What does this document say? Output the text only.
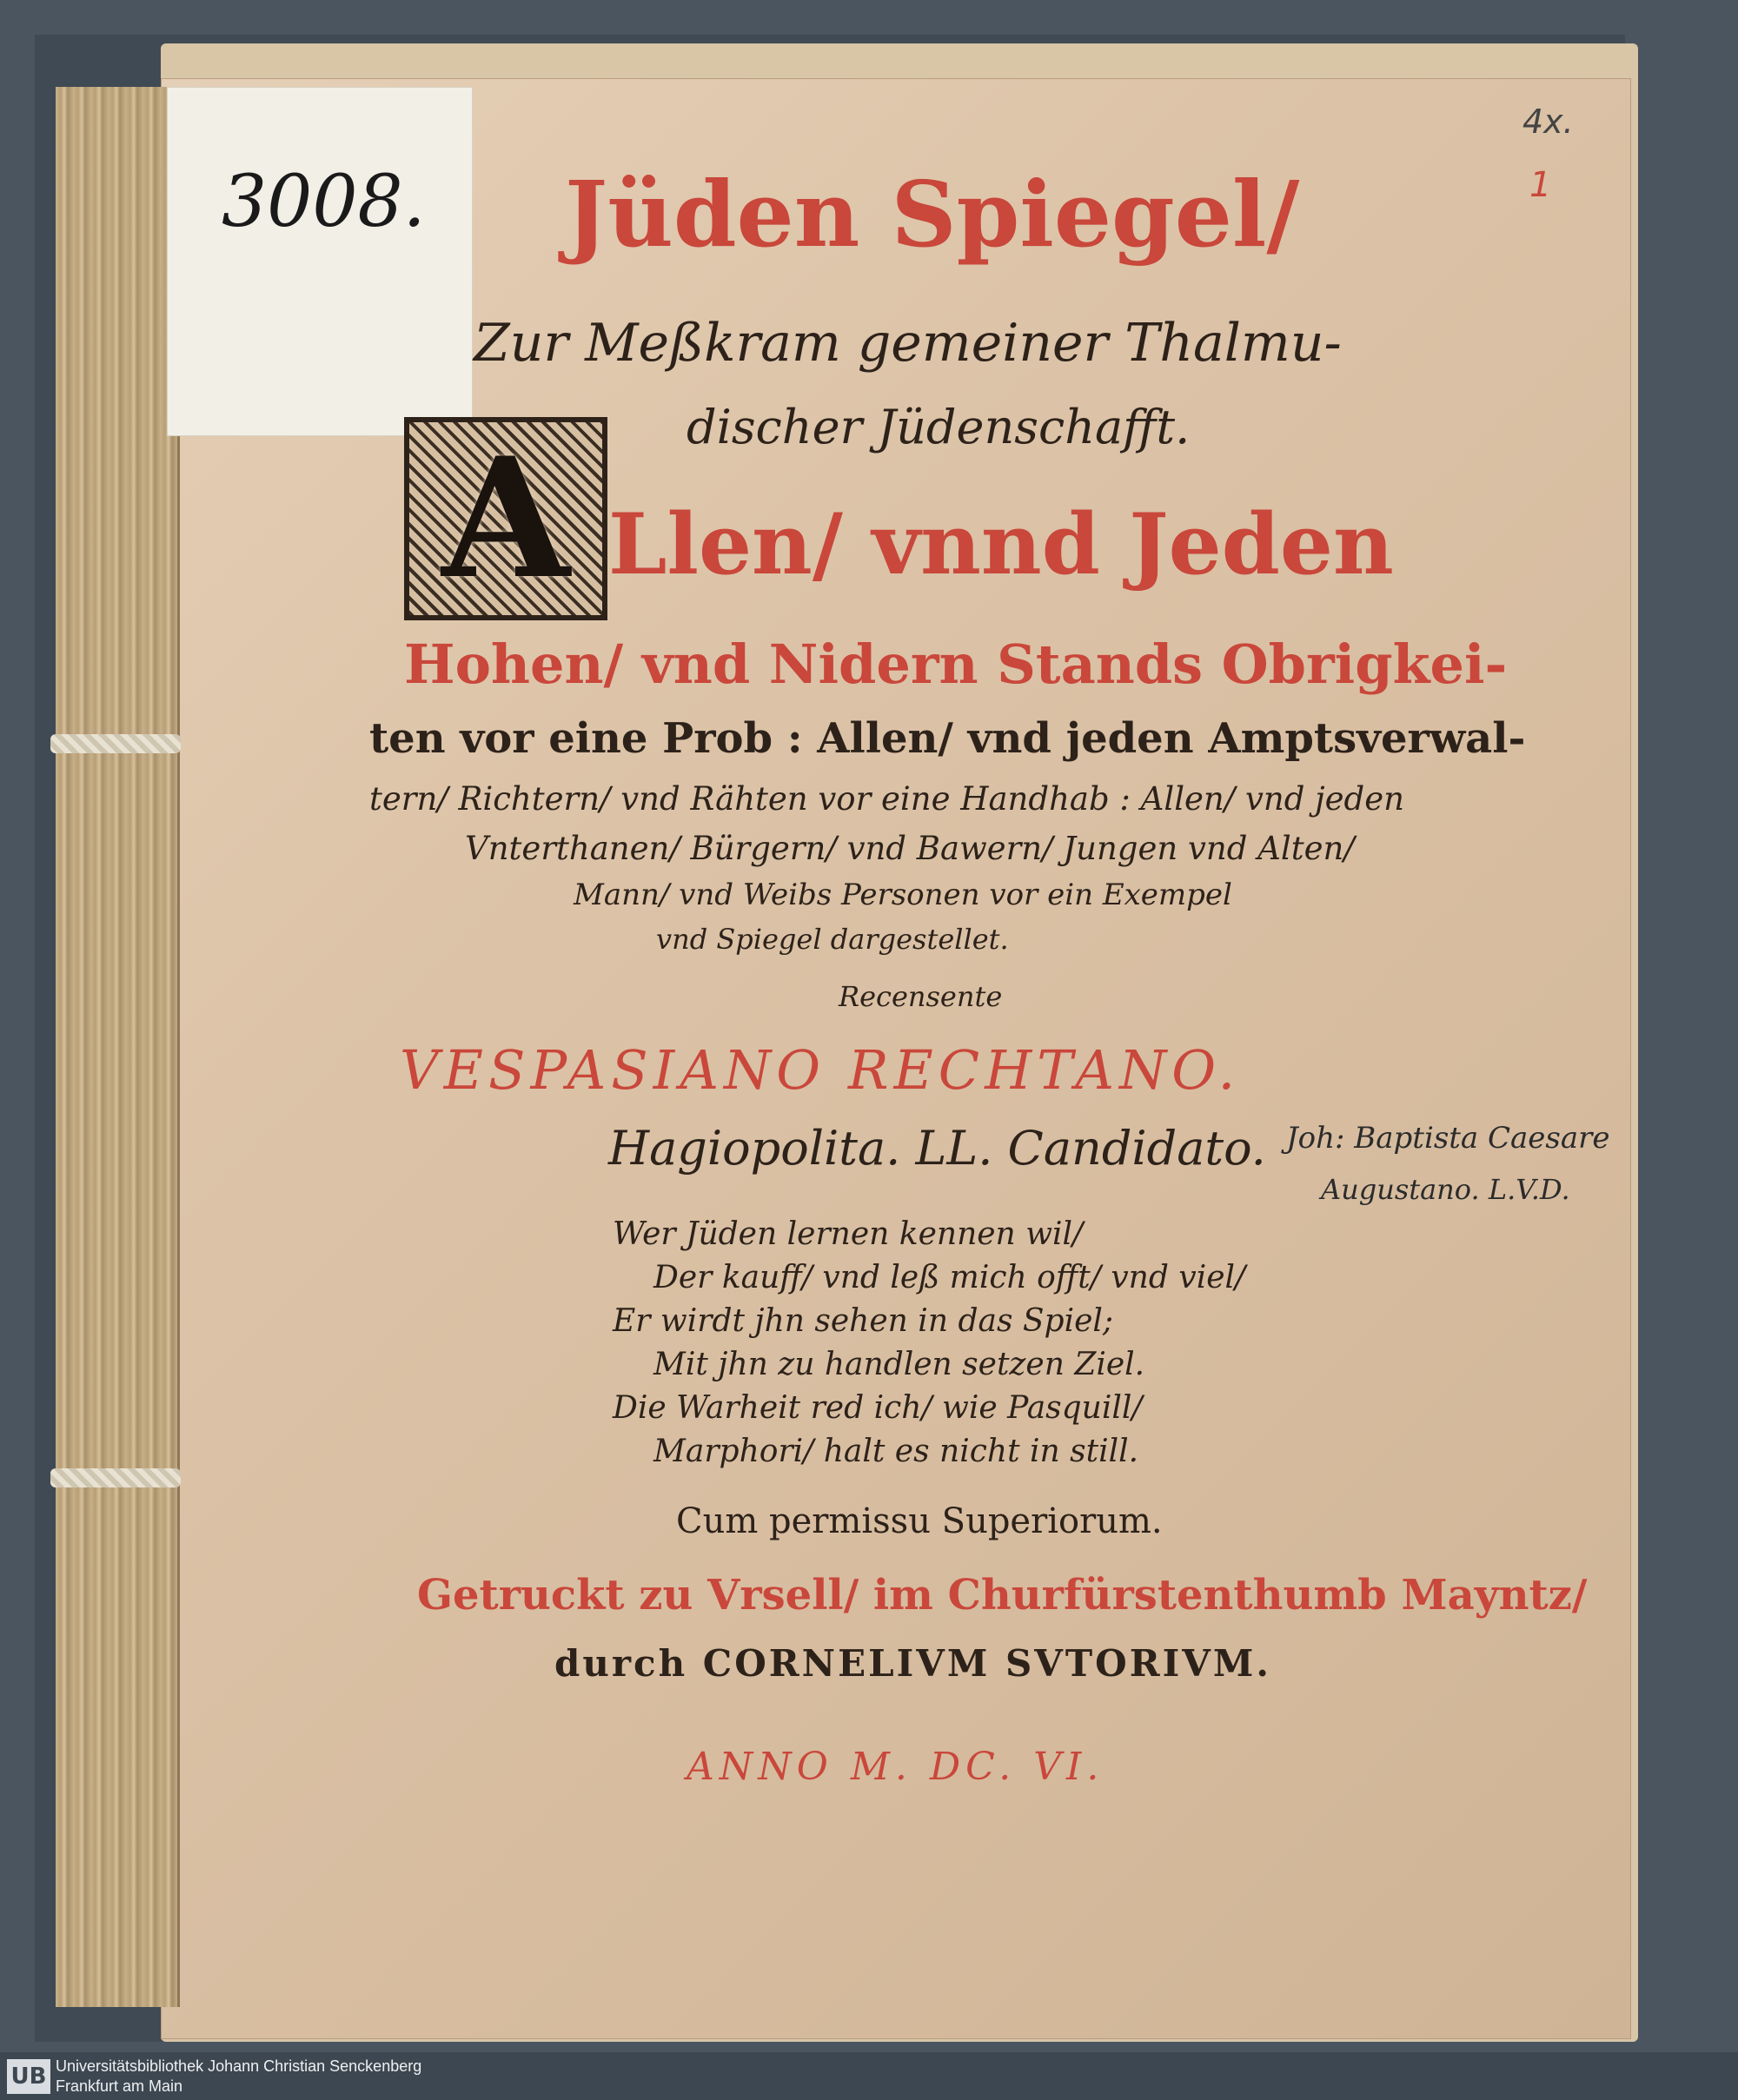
3008.
4x.
1
Jüden Spiegel/
Zur Meßkram gemeiner Thalmu-
discher Jüdenschafft.
A Llen/ vnnd Jeden
Hohen/ vnd Nidern Stands Obrigkei-
ten vor eine Prob : Allen/ vnd jeden Amptsverwal-
tern/ Richtern/ vnd Rähten vor eine Handhab : Allen/ vnd jeden
Vnterthanen/ Bürgern/ vnd Bawern/ Jungen vnd Alten/
Mann/ vnd Weibs Personen vor ein Exempel
vnd Spiegel dargestellet.
Recensente
VESPASIANO RECHTANO.
Hagiopolita. LL. Candidato. Joh: Baptista Caesare
Augustano. L.V.D.
Wer Jüden lernen kennen wil/
Der kauff/ vnd leß mich offt/ vnd viel/
Er wirdt jhn sehen in das Spiel;
Mit jhn zu handlen setzen Ziel.
Die Warheit red ich/ wie Pasquill/
Marphori/ halt es nicht in still.
Cum permissu Superiorum.
Getruckt zu Vrsell/ im Churfürstenthumb Mayntz/
durch CORNELIVM SVTORIVM.
ANNO M. DC. VI.
UB Universitätsbibliothek Johann Christian Senckenberg
Frankfurt am Main
